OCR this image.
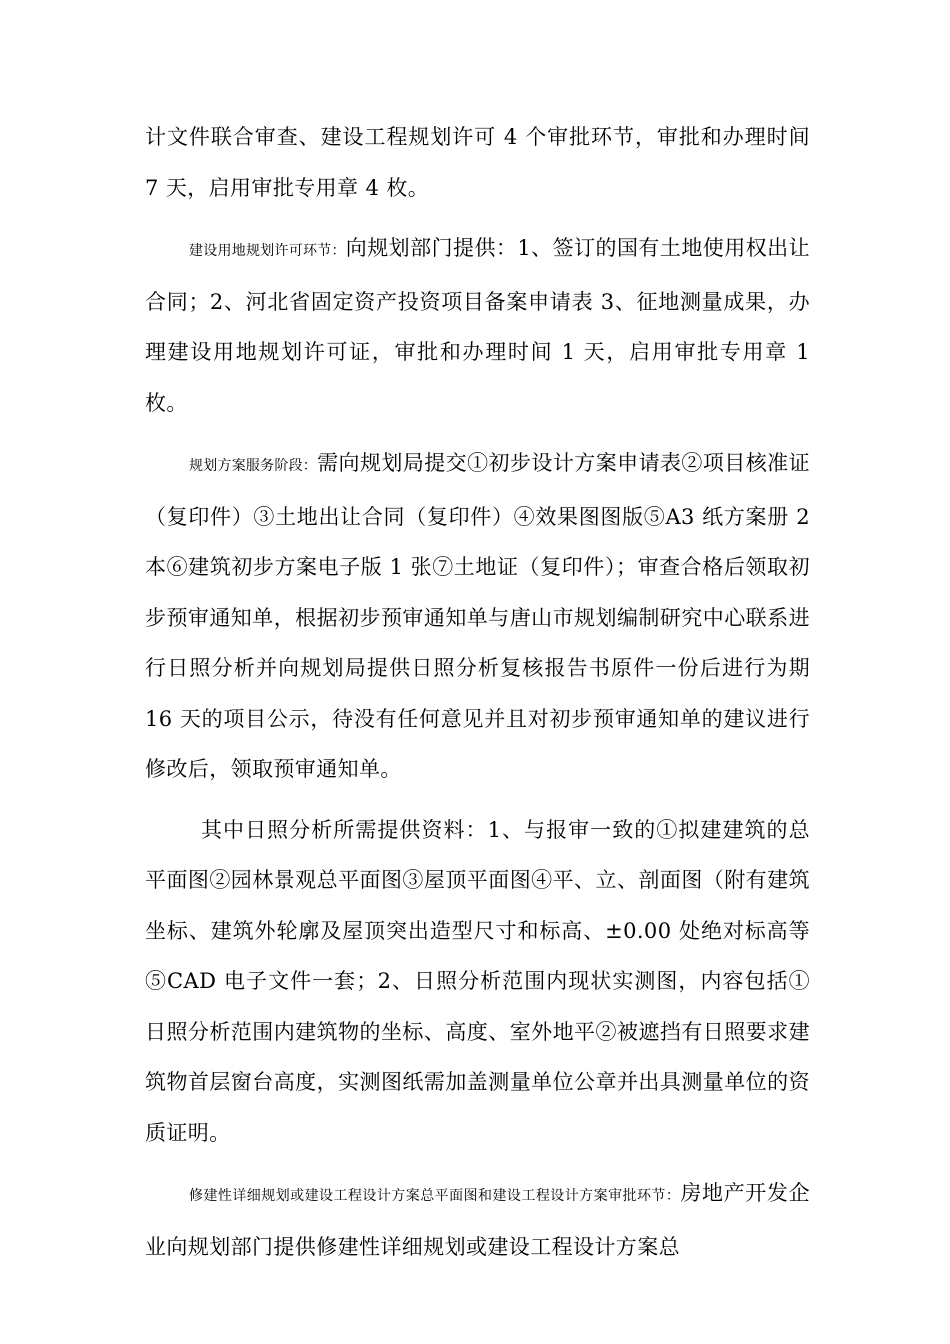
计文件联合审查、建设工程规划许可 4 个审批环节，审批和办理时间 7 天，启用审批专用章 4 枚。

建设用地规划许可环节：向规划部门提供：1、签订的国有土地使用权出让合同；2、河北省固定资产投资项目备案申请表 3、征地测量成果，办理建设用地规划许可证，审批和办理时间 1 天，启用审批专用章 1 枚。

规划方案服务阶段：需向规划局提交①初步设计方案申请表②项目核准证（复印件）③土地出让合同（复印件）④效果图图版⑤A3 纸方案册 2 本⑥建筑初步方案电子版 1 张⑦土地证（复印件）；审查合格后领取初步预审通知单，根据初步预审通知单与唐山市规划编制研究中心联系进行日照分析并向规划局提供日照分析复核报告书原件一份后进行为期 16 天的项目公示，待没有任何意见并且对初步预审通知单的建议进行修改后，领取预审通知单。

其中日照分析所需提供资料：1、与报审一致的①拟建建筑的总平面图②园林景观总平面图③屋顶平面图④平、立、剖面图（附有建筑坐标、建筑外轮廓及屋顶突出造型尺寸和标高、±0.00 处绝对标高等⑤CAD 电子文件一套；2、日照分析范围内现状实测图，内容包括①日照分析范围内建筑物的坐标、高度、室外地平②被遮挡有日照要求建筑物首层窗台高度，实测图纸需加盖测量单位公章并出具测量单位的资质证明。

修建性详细规划或建设工程设计方案总平面图和建设工程设计方案审批环节：房地产开发企业向规划部门提供修建性详细规划或建设工程设计方案总
